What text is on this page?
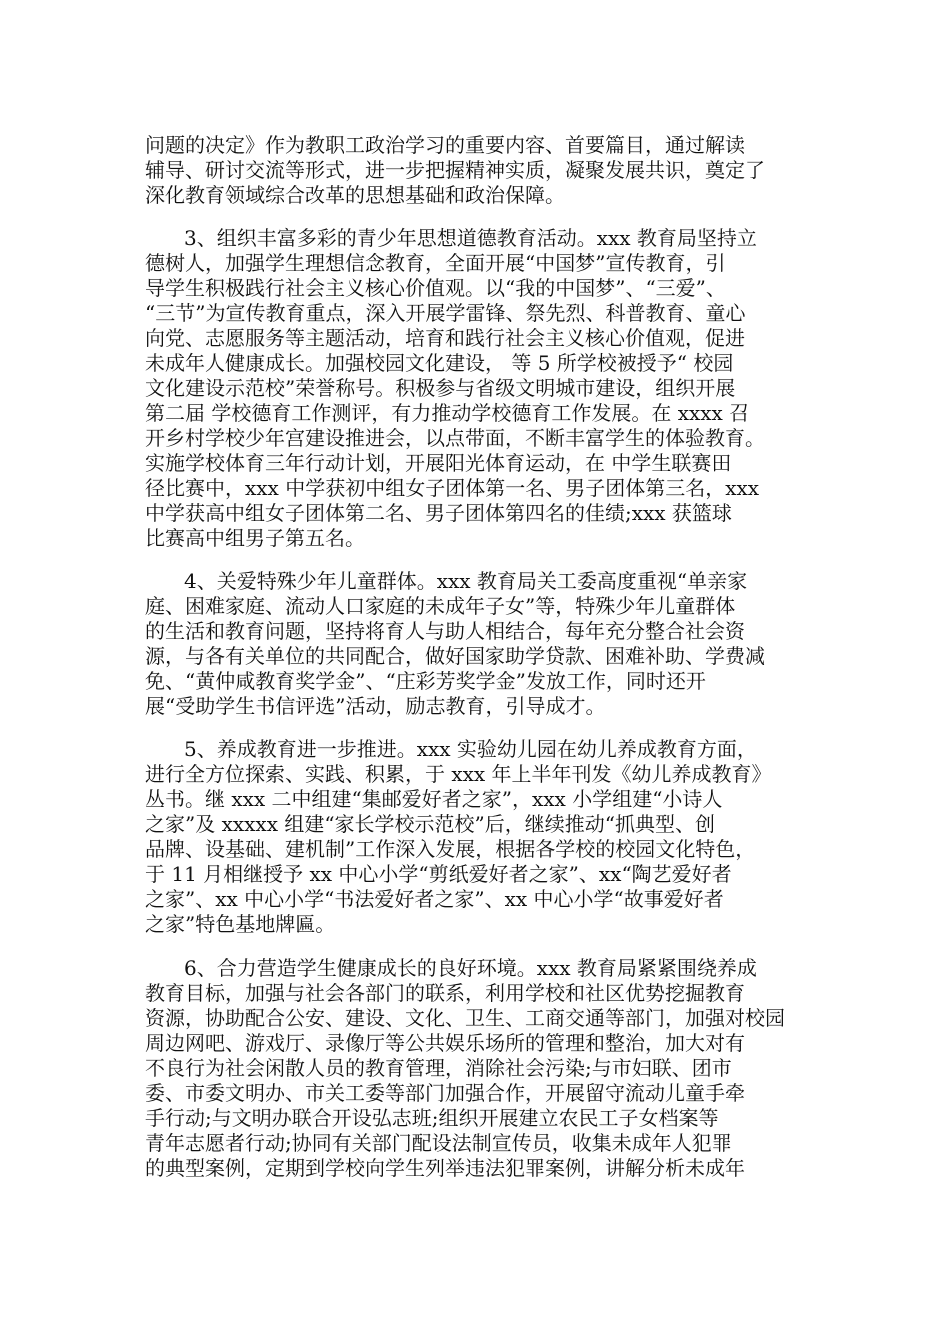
问题的决定》作为教职工政治学习的重要内容、首要篇目，通过解读

辅导、研讨交流等形式，进一步把握精神实质，凝聚发展共识，奠定了

深化教育领域综合改革的思想基础和政治保障。

3、组织丰富多彩的青少年思想道德教育活动。xxx 教育局坚持立

德树人，加强学生理想信念教育，全面开展“中国梦”宣传教育，引

导学生积极践行社会主义核心价值观。以“我的中国梦”、“三爱”、

“三节”为宣传教育重点，深入开展学雷锋、祭先烈、科普教育、童心

向党、志愿服务等主题活动，培育和践行社会主义核心价值观，促进

未成年人健康成长。加强校园文化建设， 等 5 所学校被授予“ 校园

文化建设示范校”荣誉称号。积极参与省级文明城市建设，组织开展

第二届 学校德育工作测评，有力推动学校德育工作发展。在 xxxx 召

开乡村学校少年宫建设推进会，以点带面，不断丰富学生的体验教育。

实施学校体育三年行动计划，开展阳光体育运动，在 中学生联赛田

径比赛中，xxx 中学获初中组女子团体第一名、男子团体第三名，xxx

中学获高中组女子团体第二名、男子团体第四名的佳绩;xxx 获篮球

比赛高中组男子第五名。

4、关爱特殊少年儿童群体。xxx 教育局关工委高度重视“单亲家

庭、困难家庭、流动人口家庭的未成年子女”等，特殊少年儿童群体

的生活和教育问题，坚持将育人与助人相结合，每年充分整合社会资

源，与各有关单位的共同配合，做好国家助学贷款、困难补助、学费减

免、“黄仲咸教育奖学金”、“庄彩芳奖学金”发放工作，同时还开

展“受助学生书信评选”活动，励志教育，引导成才。

5、养成教育进一步推进。xxx 实验幼儿园在幼儿养成教育方面，

进行全方位探索、实践、积累，于 xxx 年上半年刊发《幼儿养成教育》

丛书。继 xxx 二中组建“集邮爱好者之家”，xxx 小学组建“小诗人

之家”及 xxxxx 组建“家长学校示范校”后，继续推动“抓典型、创

品牌、设基础、建机制”工作深入发展，根据各学校的校园文化特色，

于 11 月相继授予 xx 中心小学“剪纸爱好者之家”、xx“陶艺爱好者

之家”、xx 中心小学“书法爱好者之家”、xx 中心小学“故事爱好者

之家”特色基地牌匾。

6、合力营造学生健康成长的良好环境。xxx 教育局紧紧围绕养成

教育目标，加强与社会各部门的联系，利用学校和社区优势挖掘教育

资源，协助配合公安、建设、文化、卫生、工商交通等部门，加强对校园

周边网吧、游戏厅、录像厅等公共娱乐场所的管理和整治，加大对有

不良行为社会闲散人员的教育管理，消除社会污染;与市妇联、团市

委、市委文明办、市关工委等部门加强合作，开展留守流动儿童手牵

手行动;与文明办联合开设弘志班;组织开展建立农民工子女档案等

青年志愿者行动;协同有关部门配设法制宣传员，收集未成年人犯罪

的典型案例，定期到学校向学生列举违法犯罪案例，讲解分析未成年
